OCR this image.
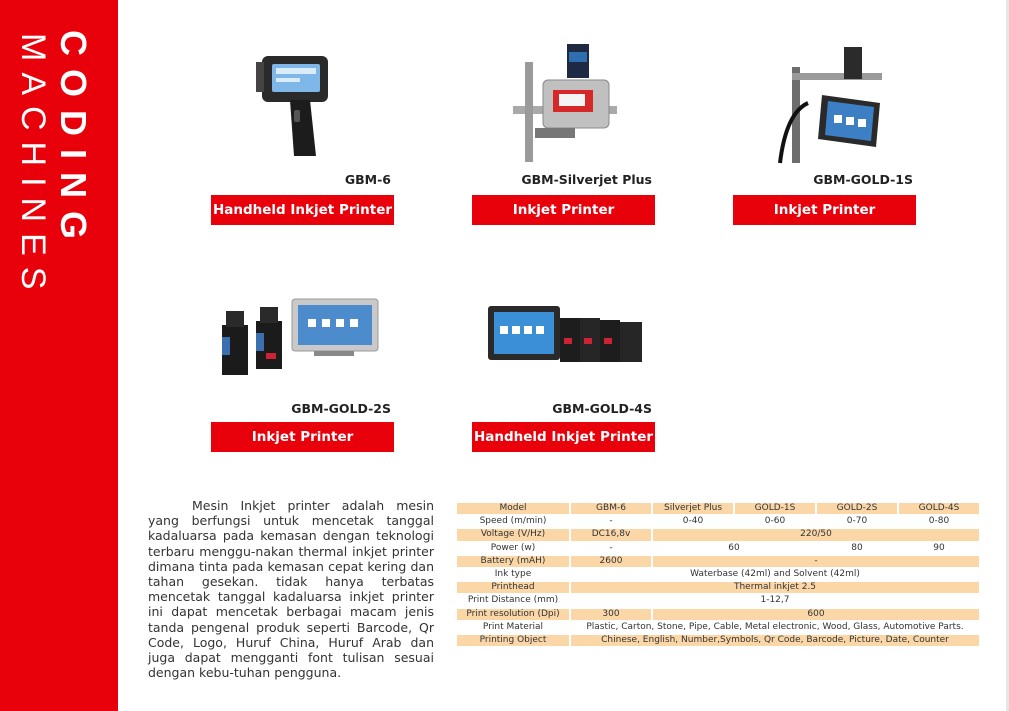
CODING
MACHINES	GBM-6
Handheld Inkjet Printer
GBM-Silverjet Plus
Inkjet Printer
GBM-GOLD-1S
Inkjet Printer
GBM-GOLD-2S
Inkjet Printer
GBM-GOLD-4S
Handheld Inkjet Printer
Mesin Inkjet printer adalah mesin yang berfungsi untuk mencetak tanggal kadaluarsa pada kemasan dengan teknologi terbaru menggu-nakan thermal inkjet printer dimana tinta pada kemasan cepat kering dan tahan gesekan. tidak hanya terbatas mencetak tanggal kadaluarsa inkjet printer ini dapat mencetak berbagai macam jenis tanda pengenal produk seperti Barcode, Qr Code, Logo, Huruf China, Huruf Arab dan juga dapat mengganti font tulisan sesuai dengan kebu-tuhan pengguna.
Model	GBM-6	Silverjet Plus	GOLD-1S	GOLD-2S	GOLD-4S
Speed (m/min)	-	0-40	0-60	0-70	0-80
Voltage (V/Hz)	DC16,8v	220/50			
Power (w)	-	60		80	90
Battery (mAH)	2600	-			
Ink type	Waterbase (42ml) and Solvent (42ml)				
Printhead	Thermal inkjet 2.5				
Print Distance (mm)	1-12,7				
Print resolution (Dpi)	300	600			
Print Material	Plastic, Carton, Stone, Pipe, Cable, Metal electronic, Wood, Glass, Automotive Parts.				
Printing Object	Chinese, English, Number,Symbols, Qr Code, Barcode, Picture, Date, Counter				
